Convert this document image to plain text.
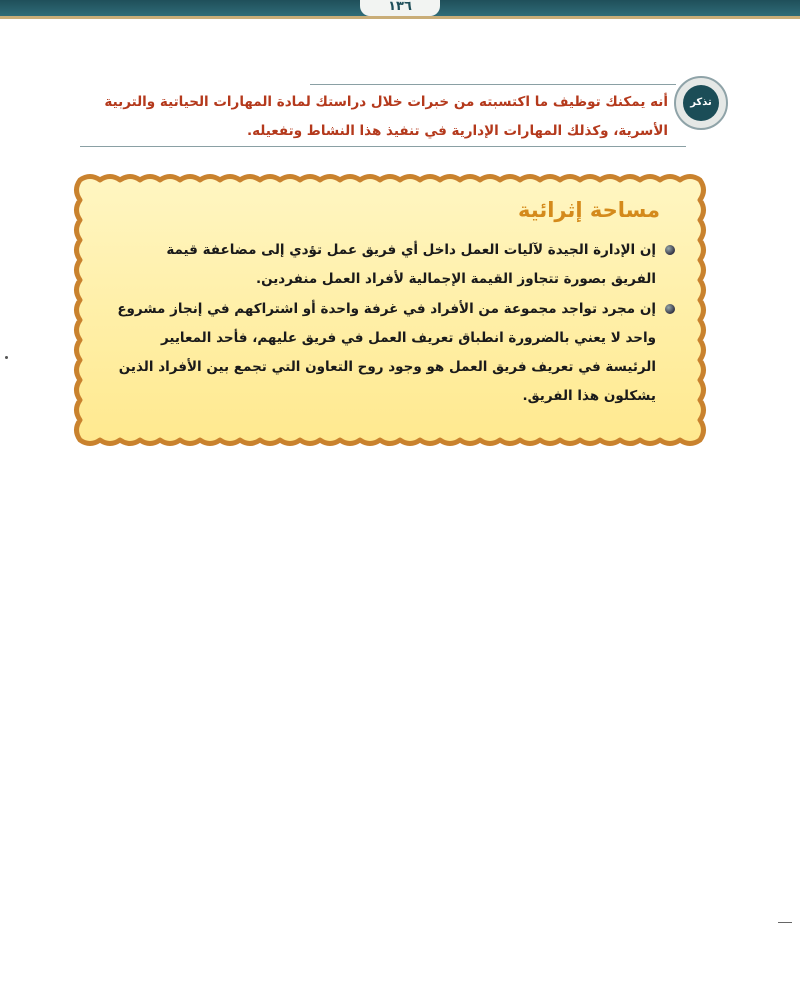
١٣٦
تذكر

أنه يمكنك توظيف ما اكتسبته من خبرات خلال دراستك لمادة المهارات الحياتية والتربية
الأسرية، وكذلك المهارات الإدارية في تنفيذ هذا النشاط وتفعيله.

مساحة إثرائية
إن الإدارة الجيدة لآليات العمل داخل أي فريق عمل تؤدي إلى مضاعفة قيمة
الفريق بصورة تتجاوز القيمة الإجمالية لأفراد العمل منفردين.
إن مجرد تواجد مجموعة من الأفراد في غرفة واحدة أو اشتراكهم في إنجاز مشروع
واحد لا يعني بالضرورة انطباق تعريف العمل في فريق عليهم، فأحد المعايير
الرئيسة في تعريف فريق العمل هو وجود روح التعاون التي تجمع بين الأفراد الذين
يشكلون هذا الفريق.
